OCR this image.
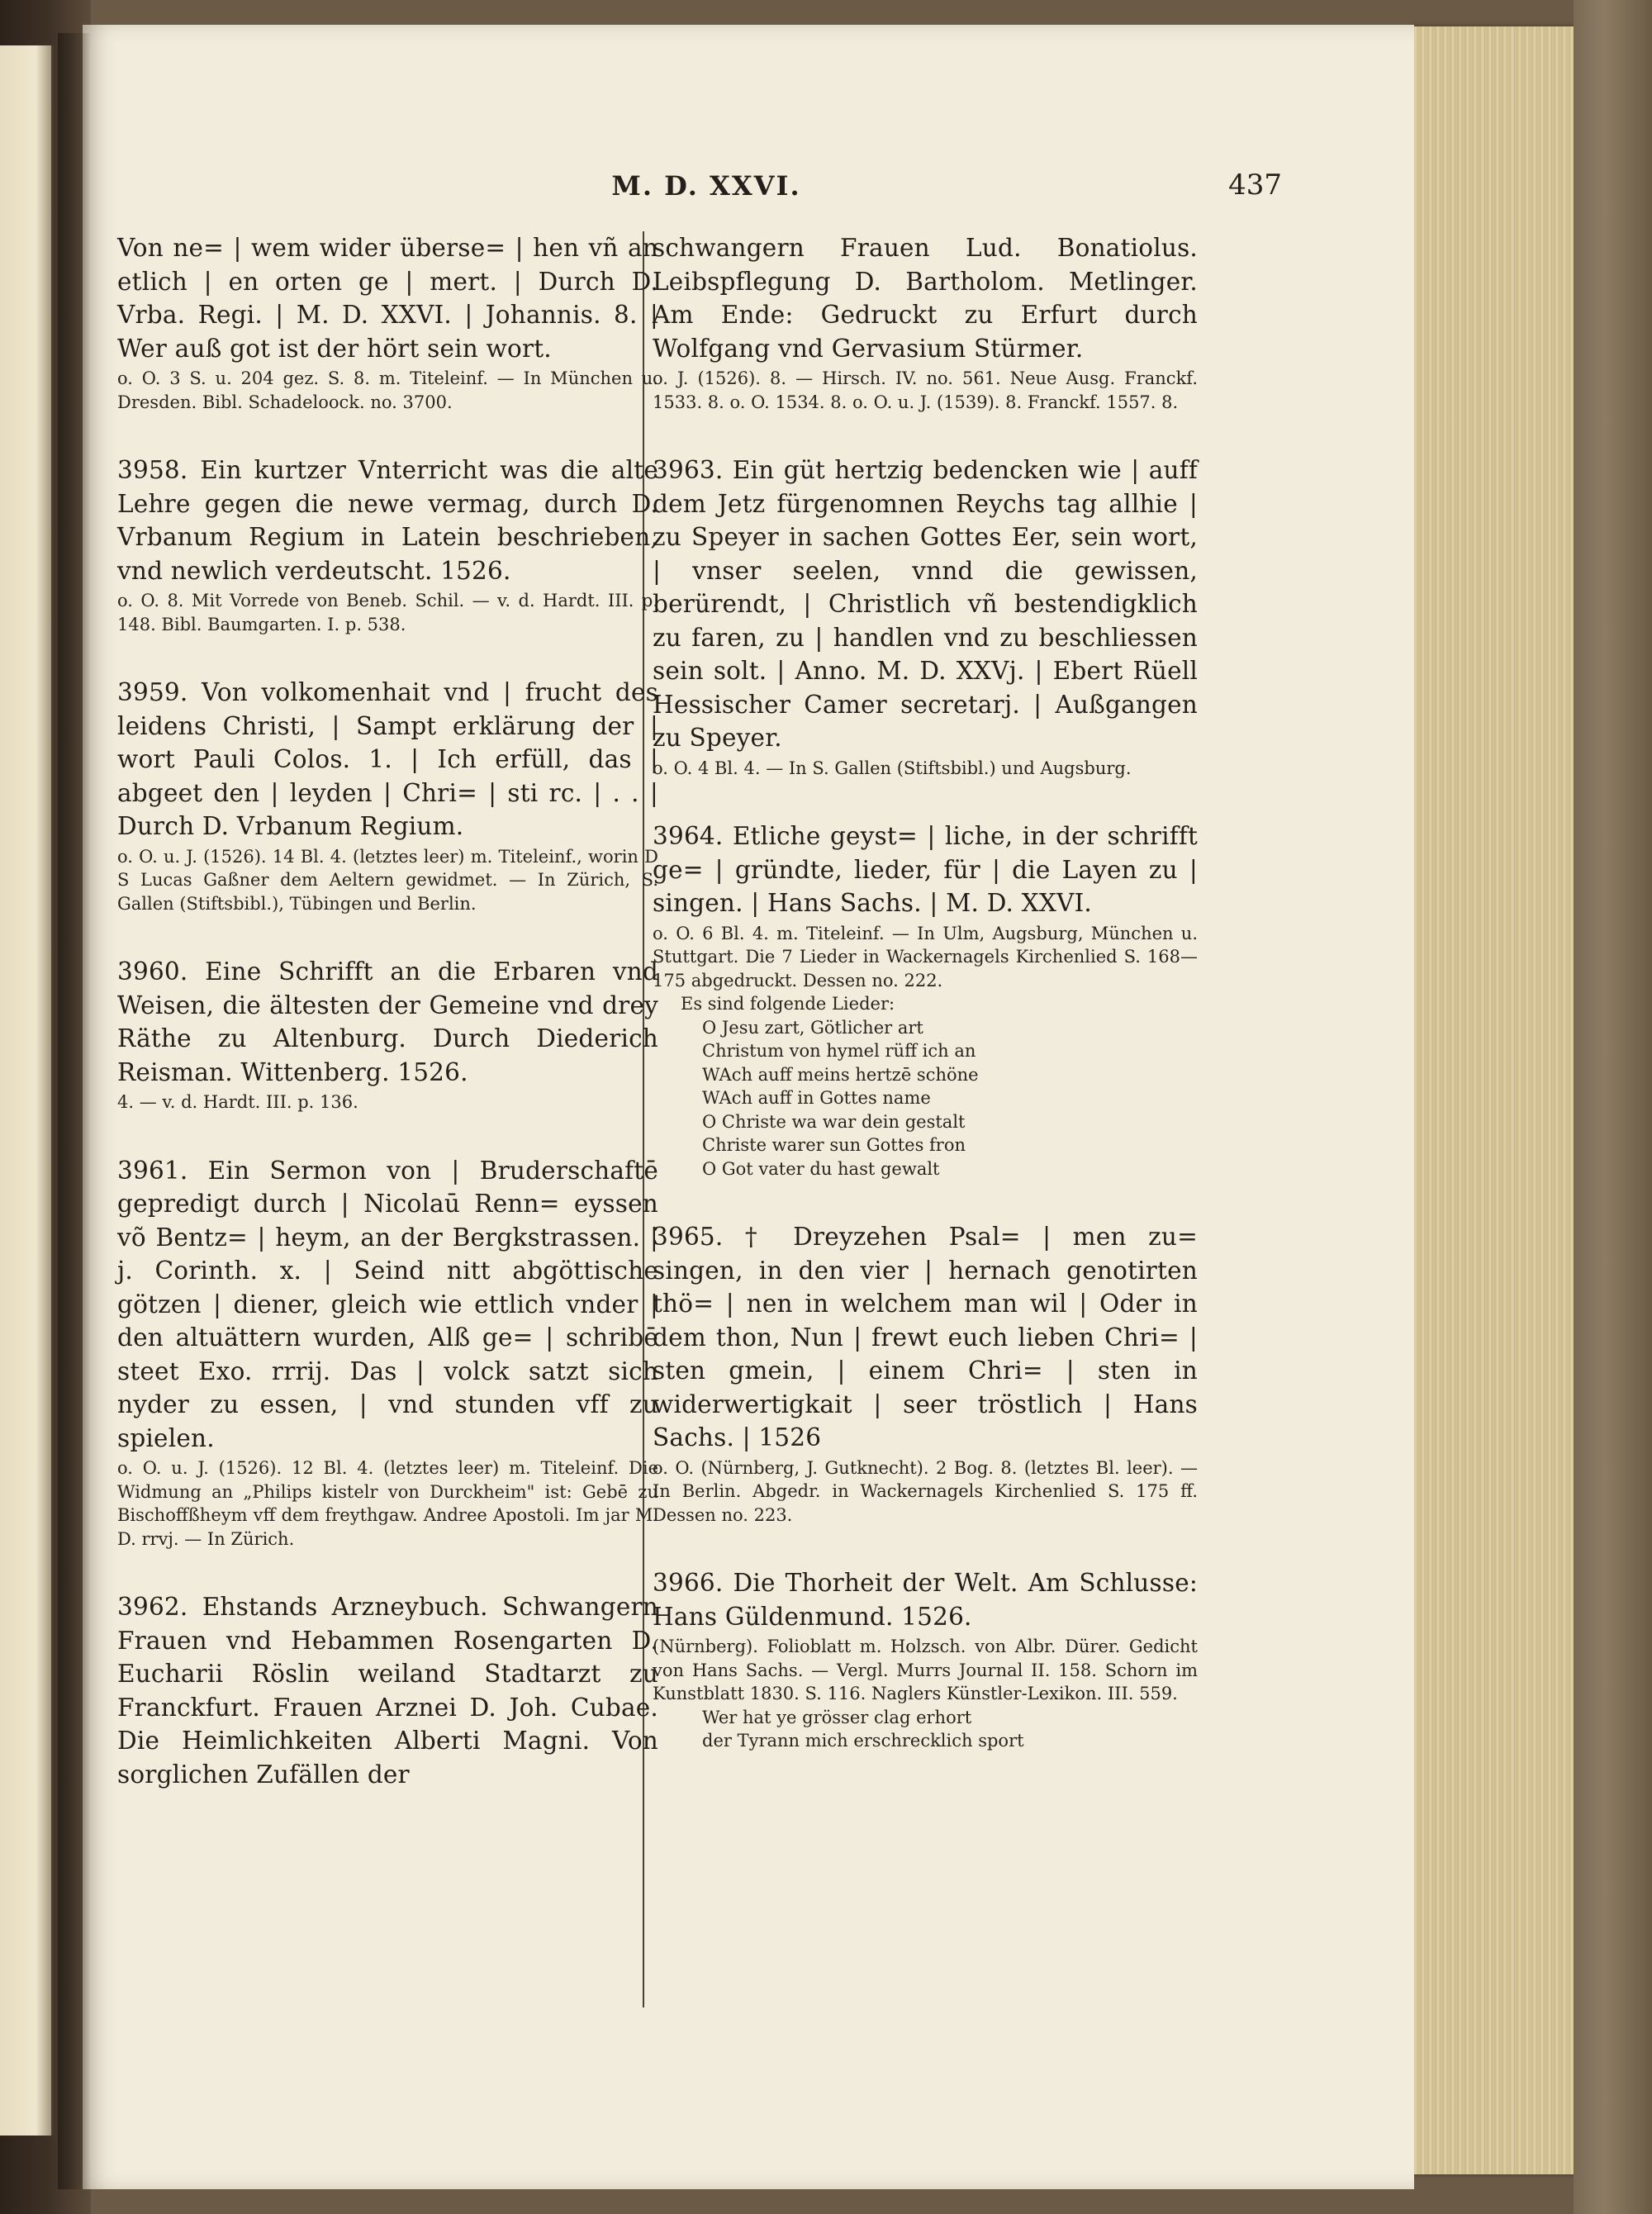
M. D. XXVI.	437

Von ne= | wem wider überse= | hen vñ an etlich | en orten ge | mert. | Durch D. Vrba. Regi. | M. D. XXVI. | Johannis. 8. | Wer auß got ist der hört sein wort.

o. O. 3 S. u. 204 gez. S. 8. m. Titeleinf. — In München u. Dresden. Bibl. Schadeloock. no. 3700.

3958. Ein kurtzer Vnterricht was die alte Lehre gegen die newe vermag, durch D. Vrbanum Regium in Latein beschrieben, vnd newlich verdeutscht. 1526.

o. O. 8. Mit Vorrede von Beneb. Schil. — v. d. Hardt. III. p. 148. Bibl. Baumgarten. I. p. 538.

3959. Von volkomenhait vnd | frucht des leidens Christi, | Sampt erklärung der | wort Pauli Colos. 1. | Ich erfüll, das | abgeet den | leyden | Chri= | sti rc. | . . | Durch D. Vrbanum Regium.

o. O. u. J. (1526). 14 Bl. 4. (letztes leer) m. Titeleinf., worin D S Lucas Gaßner dem Aeltern gewidmet. — In Zürich, S. Gallen (Stiftsbibl.), Tübingen und Berlin.

3960. Eine Schrifft an die Erbaren vnd Weisen, die ältesten der Gemeine vnd drey Räthe zu Altenburg. Durch Diederich Reisman. Wittenberg. 1526.

4. — v. d. Hardt. III. p. 136.

3961. Ein Sermon von | Bruderschaftē gepredigt durch | Nicolaū Renn= eyssen võ Bentz= | heym, an der Bergkstrassen. | j. Corinth. x. | Seind nitt abgöttische götzen | diener, gleich wie ettlich vnder | den altuättern wurden, Alß ge= | schribē steet Exo. rrrij. Das | volck satzt sich nyder zu essen, | vnd stunden vff zu spielen.

o. O. u. J. (1526). 12 Bl. 4. (letztes leer) m. Titeleinf. Die Widmung an „Philips kistelr von Durckheim" ist: Gebē zu Bischoffßheym vff dem freythgaw. Andree Apostoli. Im jar M. D. rrvj. — In Zürich.

3962. Ehstands Arzneybuch. Schwangern Frauen vnd Hebammen Rosengarten D. Eucharii Röslin weiland Stadtarzt zu Franckfurt. Frauen Arznei D. Joh. Cubae. Die Heimlichkeiten Alberti Magni. Von sorglichen Zufällen der

schwangern Frauen Lud. Bonatiolus. Leibspflegung D. Bartholom. Metlinger. Am Ende: Gedruckt zu Erfurt durch Wolfgang vnd Gervasium Stürmer.

o. J. (1526). 8. — Hirsch. IV. no. 561. Neue Ausg. Franckf. 1533. 8. o. O. 1534. 8. o. O. u. J. (1539). 8. Franckf. 1557. 8.

3963. Ein güt hertzig bedencken wie | auff dem Jetz fürgenomnen Reychs tag allhie | zu Speyer in sachen Gottes Eer, sein wort, | vnser seelen, vnnd die gewissen, berürendt, | Christlich vñ bestendigklich zu faren, zu | handlen vnd zu beschliessen sein solt. | Anno. M. D. XXVj. | Ebert Rüell Hessischer Camer secretarj. | Außgangen zu Speyer.

o. O. 4 Bl. 4. — In S. Gallen (Stiftsbibl.) und Augsburg.

3964. Etliche geyst= | liche, in der schrifft ge= | gründte, lieder, für | die Layen zu | singen. | Hans Sachs. | M. D. XXVI.

o. O. 6 Bl. 4. m. Titeleinf. — In Ulm, Augsburg, München u. Stuttgart. Die 7 Lieder in Wackernagels Kirchenlied S. 168—175 abgedruckt. Dessen no. 222.

Es sind folgende Lieder:

O Jesu zart, Götlicher art
Christum von hymel rüff ich an
WAch auff meins hertzē schöne
WAch auff in Gottes name
O Christe wa war dein gestalt
Christe warer sun Gottes fron
O Got vater du hast gewalt

3965. † Dreyzehen Psal= | men zu= singen, in den vier | hernach genotirten thö= | nen in welchem man wil | Oder in dem thon, Nun | frewt euch lieben Chri= | sten gmein, | einem Chri= | sten in widerwertigkait | seer tröstlich | Hans Sachs. | 1526

o. O. (Nürnberg, J. Gutknecht). 2 Bog. 8. (letztes Bl. leer). — In Berlin. Abgedr. in Wackernagels Kirchenlied S. 175 ff. Dessen no. 223.

3966. Die Thorheit der Welt. Am Schlusse: Hans Güldenmund. 1526.

(Nürnberg). Folioblatt m. Holzsch. von Albr. Dürer. Gedicht von Hans Sachs. — Vergl. Murrs Journal II. 158. Schorn im Kunstblatt 1830. S. 116. Naglers Künstler-Lexikon. III. 559.

Wer hat ye grösser clag erhort
der Tyrann mich erschrecklich sport
